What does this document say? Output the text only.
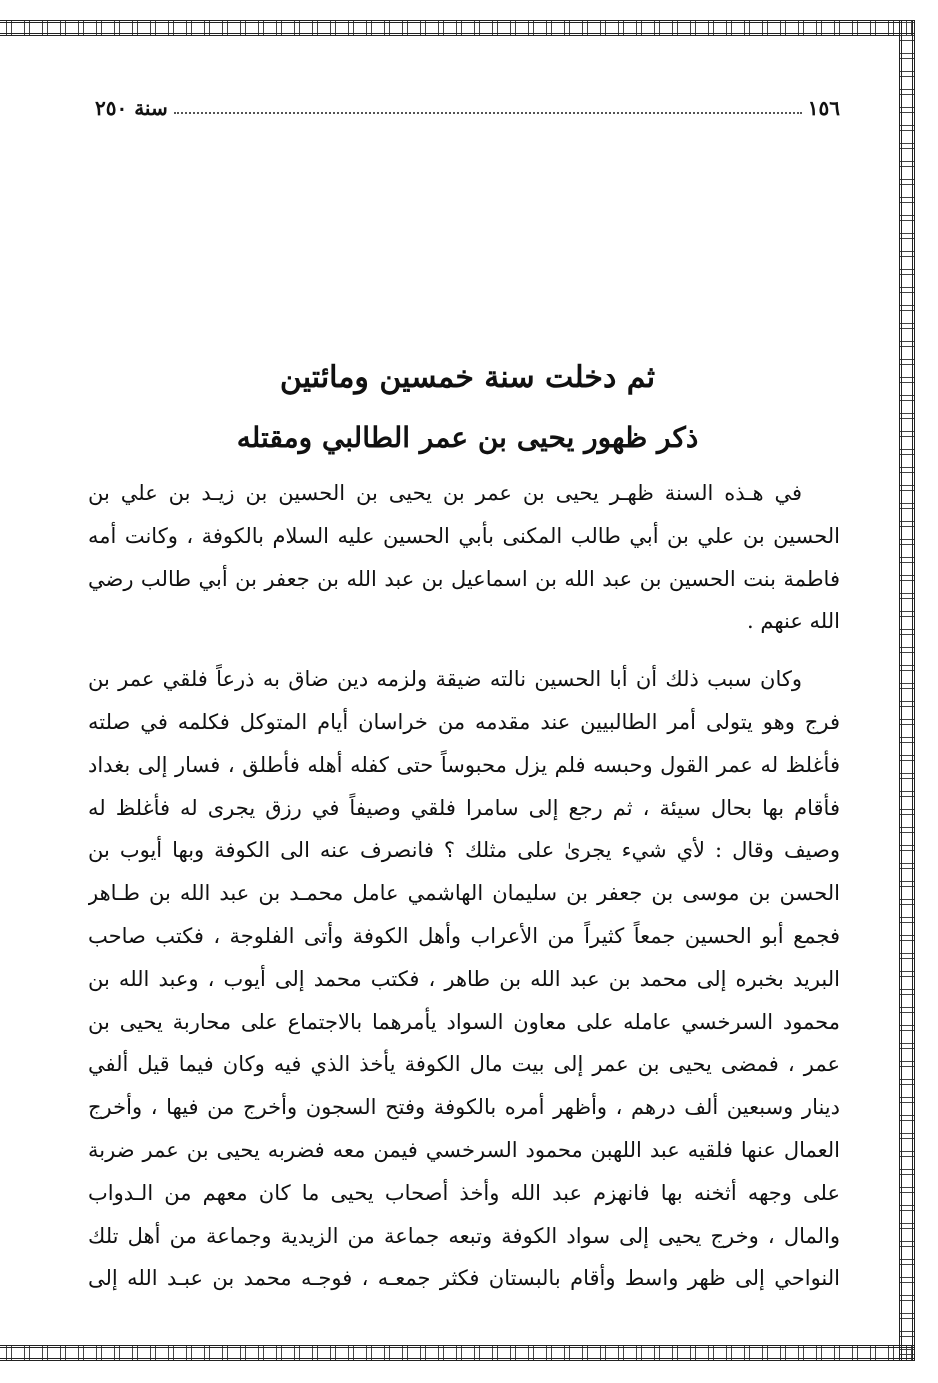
١٥٦
سنة ٢٥٠
ثم دخلت سنة خمسين ومائتين
ذكر ظهور يحيى بن عمر الطالبي ومقتله
في هـذه السنة ظهـر يحيى بن عمر بن يحيى بن الحسين بن زيـد بن علي بن
الحسين بن علي بن أبي طالب المكنى بأبي الحسين عليه السلام بالكوفة ، وكانت أمه
فاطمة بنت الحسين بن عبد الله بن اسماعيل بن عبد الله بن جعفر بن أبي طالب رضي
الله عنهم .
وكان سبب ذلك أن أبا الحسين نالته ضيقة ولزمه دين ضاق به ذرعاً فلقي عمر بن
فرج وهو يتولى أمر الطالبيين عند مقدمه من خراسان أيام المتوكل فكلمه في صلته
فأغلظ له عمر القول وحبسه فلم يزل محبوساً حتى كفله أهله فأطلق ، فسار إلى بغداد
فأقام بها بحال سيئة ، ثم رجع إلى سامرا فلقي وصيفاً في رزق يجرى له فأغلظ له
وصيف وقال : لأي شيء يجرىٰ على مثلك ؟ فانصرف عنه الى الكوفة وبها أيوب بن
الحسن بن موسى بن جعفر بن سليمان الهاشمي عامل محمـد بن عبد الله بن طـاهر
فجمع أبو الحسين جمعاً كثيراً من الأعراب وأهل الكوفة وأتى الفلوجة ، فكتب صاحب
البريد بخبره إلى محمد بن عبد الله بن طاهر ، فكتب محمد إلى أيوب ، وعبد الله بن
محمود السرخسي عامله على معاون السواد يأمرهما بالاجتماع على محاربة يحيى بن
عمر ، فمضى يحيى بن عمر إلى بيت مال الكوفة يأخذ الذي فيه وكان فيما قيل ألفي
دينار وسبعين ألف درهم ، وأظهر أمره بالكوفة وفتح السجون وأخرج من فيها ، وأخرج
العمال عنها فلقيه عبد اللهبن محمود السرخسي فيمن معه فضربه يحيى بن عمر ضربة
على وجهه أثخنه بها فانهزم عبد الله وأخذ أصحاب يحيى ما كان معهم من الـدواب
والمال ، وخرج يحيى إلى سواد الكوفة وتبعه جماعة من الزيدية وجماعة من أهل تلك
النواحي إلى ظهر واسط وأقام بالبستان فكثر جمعـه ، فوجـه محمد بن عبـد الله إلى
